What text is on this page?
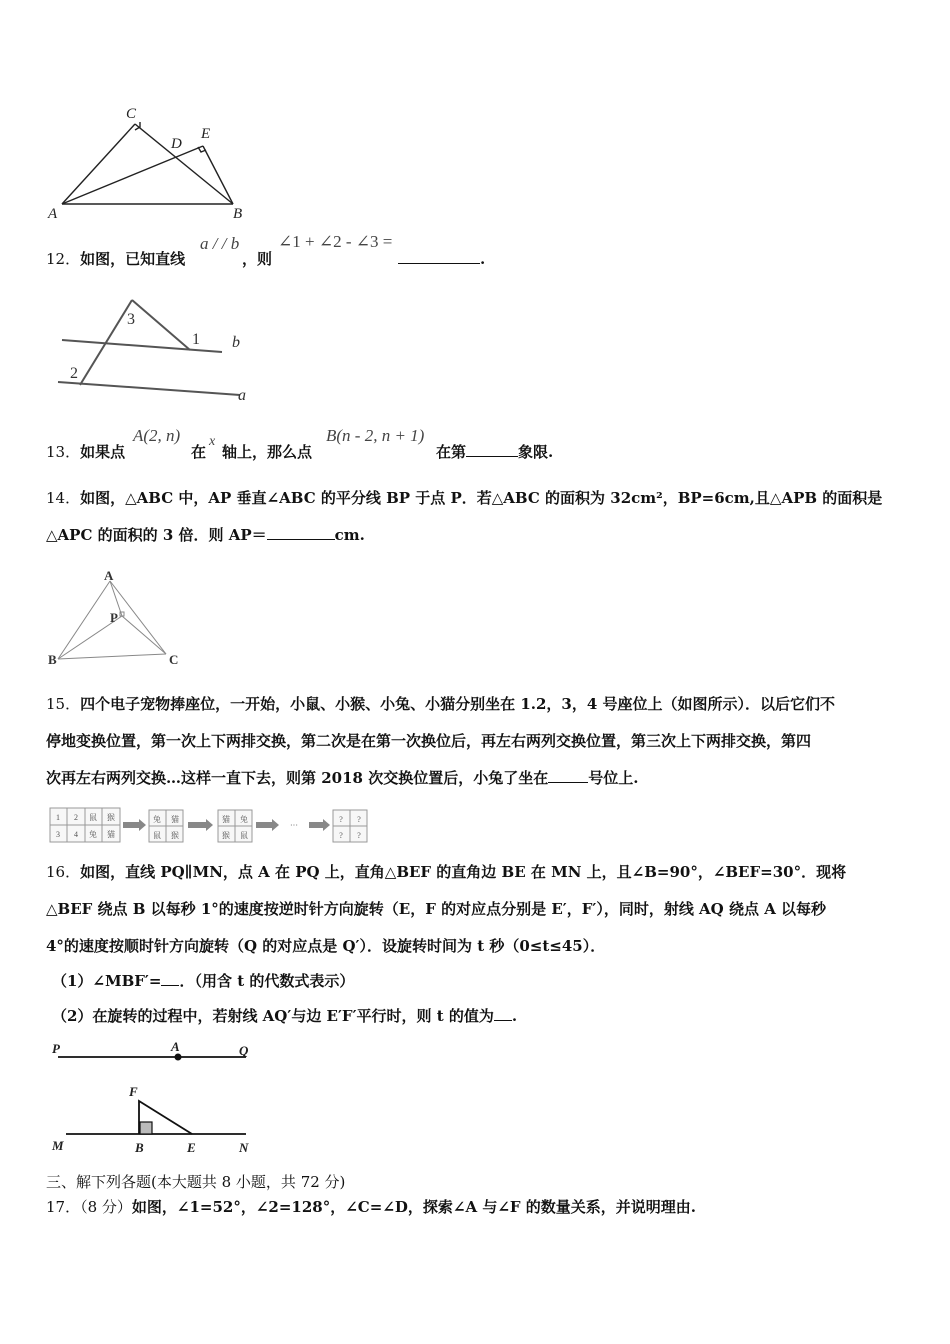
C
D
E
A	B
12．如图，已知直线
a / / b
，则
∠1 + ∠2 - ∠3 =
.
3
1 b
2
a
13．如果点
A(2, n)
在
x
轴上，那么点
B(n - 2, n + 1)
在第	象限.
14．如图，△ABC 中，AP 垂直∠ABC 的平分线 BP 于点 P．若△ABC 的面积为 32cm²，BP=6cm,且△APB 的面积是
△APC 的面积的 3 倍．则 AP＝	cm.
A
P
B	C
15．四个电子宠物捧座位，一开始，小鼠、小猴、小兔、小猫分别坐在 1.2，3，4 号座位上（如图所示）．以后它们不
停地变换位置，第一次上下两排交换，第二次是在第一次换位后，再左右两列交换位置，第三次上下两排交换，第四
次再左右两列交换…这样一直下去，则第 2018 次交换位置后，小兔了坐在	号位上.
1 2
3 4
鼠 猴
兔 猫
兔 猫
鼠 猴
猫 兔
猴 鼠
···
? ?
? ?
16．如图，直线 PQ∥MN，点 A 在 PQ 上，直角△BEF 的直角边 BE 在 MN 上，且∠B=90°，∠BEF=30°．现将
△BEF 绕点 B 以每秒 1°的速度按逆时针方向旋转（E，F 的对应点分别是 E′，F′），同时，射线 AQ 绕点 A 以每秒
4°的速度按顺时针方向旋转（Q 的对应点是 Q′）．设旋转时间为 t 秒（0≤t≤45）．
（1）∠MBF′= ．（用含 t 的代数式表示）
（2）在旋转的过程中，若射线 AQ′与边 E′F′平行时，则 t 的值为 .
P	A	Q
F
M	B	E	N
三、解下列各题(本大题共 8 小题，共 72 分)
17．（8 分）如图，∠1=52°，∠2=128°，∠C=∠D，探索∠A 与∠F 的数量关系，并说明理由.
